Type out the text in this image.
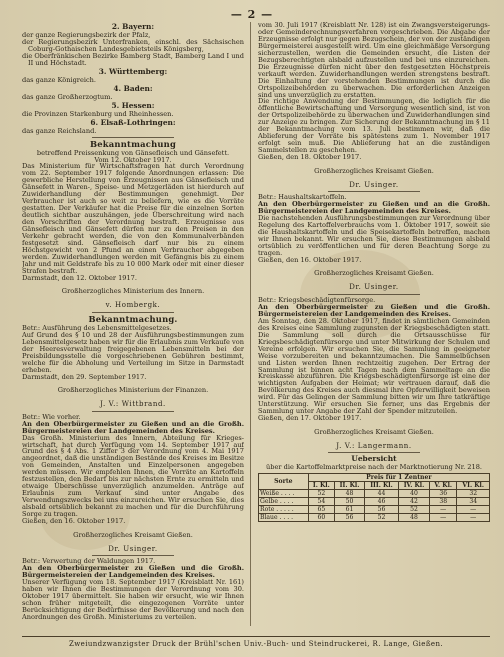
— 2 —

2. Bayern:

der ganze Regierungsbezirk der Pfalz,

der Regierungsbezirk Unterfranken, einschl. des Sächsischen Coburg-Gothaischen Landesgebietsteils Königsberg,

die Oberfränkischen Bezirke Bamberg Stadt, Bamberg Land I und II und Höchstadt.

3. Württemberg:

das ganze Königreich.

4. Baden:

das ganze Großherzogtum.

5. Hessen:

die Provinzen Starkenburg und Rheinhessen.

6. Elsaß-Lothringen:

das ganze Reichsland.

Bekanntmachung

betreffend Preissenkung von Gänsefleisch und Gänsefett.

Vom 12. Oktober 1917.

Das Ministerium für Wirtschaftsfragen hat durch Verordnung vom 22. September 1917 folgende Anordnungen erlassen: Die gewerbliche Herstellung von Erzeugnissen aus Gänsefleisch und Gänsefett in Waren-, Speise- und Metzgerläden ist hierdurch auf Zuwiderhandlung der Bestimmungen genehmigt. Der Verbraucher ist auch so weit zu beliefern, wie es die Vorräte gestatten. Der Verkäufer hat die Preise für die einzelnen Sorten deutlich sichtbar auszuhängen, jede Überschreitung wird nach den Vorschriften der Verordnung bestraft. Erzeugnisse aus Gänsefleisch und Gänsefett dürfen nur zu den Preisen in den Verkehr gebracht werden, die von den Kommunalverbänden festgesetzt sind. Gänsefleisch darf nur bis zu einem Höchstgewicht von 2 Pfund an einen Verbraucher abgegeben werden. Zuwiderhandlungen werden mit Gefängnis bis zu einem Jahr und mit Geldstrafe bis zu 10 000 Mark oder mit einer dieser Strafen bestraft.

Darmstadt, den 12. Oktober 1917.

Großherzogliches Ministerium des Innern.

v. Hombergk.

Bekanntmachung.

Betr.: Ausführung des Lebensmittelgesetzes.

Auf Grund des § 10 und 28 der Ausführungsbestimmungen zum Lebensmittelgesetz haben wir für die Erlaubnis zum Verkaufe von der Heeresverwaltung freigegebenen Lebensmitteln bei der Preisbildungsstelle die vorgeschriebenen Gebühren bestimmt, welche für die Abholung und Verteilung im Sitze in Darmstadt erheben.

Darmstadt, den 29. September 1917.

Großherzogliches Ministerium der Finanzen.

J. V.: Wittbrand.

Betr.: Wie vorher.

An den Oberbürgermeister zu Gießen und an die Großh. Bürgermeistereien der Landgemeinden des Kreises.

Das Großh. Ministerium des Innern, Abteilung für Krieges-wirtschaft, hat durch Verfügung vom 14. September 1917 auf Grund des § 4 Abs. 1 Ziffer 3 der Verordnung vom 4. Mai 1917 angeordnet, daß die unständigen Bestände des Kreises im Besitze von Gemeinden, Anstalten und Einzelpersonen angegeben werden müssen. Wir empfehlen Ihnen, die Vorräte an Kartoffeln festzustellen, den Bedarf bis zur nächsten Ernte zu ermitteln und etwaige Überschüsse unverzüglich anzumelden. Anträge auf Erlaubnis zum Verkauf sind unter Angabe des Verwendungszwecks bei uns einzureichen. Wir ersuchen Sie, dies alsbald ortsüblich bekannt zu machen und für die Durchführung Sorge zu tragen.

Gießen, den 16. Oktober 1917.

Großherzogliches Kreisamt Gießen.

Dr. Usinger.

Betr.: Verwertung der Waldungen 1917.

An den Oberbürgermeister zu Gießen und die Großh. Bürgermeistereien der Landgemeinden des Kreises.

Unserer Verfügung vom 18. September 1917 (Kreisblatt Nr. 161) haben wir Ihnen die Bestimmungen der Verordnung vom 30. Oktober 1917 übermittelt. Sie haben wir ersucht, wie wir Ihnen schon früher mitgeteilt, die eingezogenen Vorräte unter Berücksichtigung der Bedürfnisse der Bevölkerung und nach den Anordnungen des Großh. Ministeriums zu verteilen.

vom 30. Juli 1917 (Kreisblatt Nr. 128) ist ein Zwangsversteigerungs- oder Gemeinderechnungsverfahren vorgeschrieben. Die Abgabe der Erzeugnisse erfolgt nur gegen Bezugschein, der von der zuständigen Bürgermeisterei ausgestellt wird. Um eine gleichmäßige Versorgung sicherzustellen, werden die Gemeinden ersucht, die Listen der Bezugsberechtigten alsbald aufzustellen und bei uns einzureichen. Die Erzeugnisse dürfen nicht über den festgesetzten Höchstpreis verkauft werden. Zuwiderhandlungen werden strengstens bestraft. Die Einhaltung der vorstehenden Bestimmungen ist durch die Ortspolizeibehörden zu überwachen. Die erforderlichen Anzeigen sind uns unverzüglich zu erstatten.

Die richtige Anwendung der Bestimmungen, die lediglich für die öffentliche Bewirtschaftung und Versorgung wesentlich sind, ist von der Ortspolizeibehörde zu überwachen und Zuwiderhandlungen sind zur Anzeige zu bringen. Zur Sicherung der Bekanntmachung im § 11 der Bekanntmachung vom 13. Juli bestimmen wir, daß die Ablieferung der Vorräte bis spätestens zum 1. November 1917 erfolgt sein muß. Die Ablieferung hat an die zuständigen Sammelstellen zu geschehen.

Gießen, den 18. Oktober 1917.

Großherzogliches Kreisamt Gießen.

Dr. Usinger.

Betr.: Haushaltskartoffeln.

An den Oberbürgermeister zu Gießen und an die Großh. Bürgermeistereien der Landgemeinden des Kreises.

Die nachstehenden Ausführungsbestimmungen zur Verordnung über Regelung des Kartoffelverbrauchs vom 1. Oktober 1917, soweit sie die Haushaltskartoffeln und die Speisekartoffeln betreffen, machen wir Ihnen bekannt. Wir ersuchen Sie, diese Bestimmungen alsbald ortsüblich zu veröffentlichen und für deren Beachtung Sorge zu tragen.

Gießen, den 16. Oktober 1917.

Großherzogliches Kreisamt Gießen.

Dr. Usinger.

Betr.: Kriegsbeschädigtenfürsorge.

An den Oberbürgermeister zu Gießen und die Großh. Bürgermeistereien der Landgemeinden des Kreises.

Am Sonntag, den 28. Oktober 1917, findet in sämtlichen Gemeinden des Kreises eine Sammlung zugunsten der Kriegsbeschädigten statt. Die Sammlung soll durch die Ortsausschüsse für Kriegsbeschädigtenfürsorge und unter Mitwirkung der Schulen und Vereine erfolgen. Wir ersuchen Sie, die Sammlung in geeigneter Weise vorzubereiten und bekanntzumachen. Die Sammelbüchsen und Listen werden Ihnen rechtzeitig zugehen. Der Ertrag der Sammlung ist binnen acht Tagen nach dem Sammeltage an die Kreiskasse abzuführen. Die Kriegsbeschädigtenfürsorge ist eine der wichtigsten Aufgaben der Heimat; wir vertrauen darauf, daß die Bevölkerung des Kreises auch diesmal ihre Opferwilligkeit beweisen wird. Für das Gelingen der Sammlung bitten wir um Ihre tatkräftige Unterstützung. Wir ersuchen Sie ferner, uns das Ergebnis der Sammlung unter Angabe der Zahl der Spender mitzuteilen.

Gießen, den 17. Oktober 1917.

Großherzogliches Kreisamt Gießen.

J. V.: Langermann.

Uebersicht

über die Kartoffelmarktpreise nach der Marktnotierung Nr. 218.

Sorte	Preis für 1 Zentner					
	I. Kl.	II. Kl.	III. Kl.	IV. Kl.	V. Kl.	VI. Kl.
Weiße . . . .	52	48	44	40	36	32
Gelbe . . . .	54	50	46	42	38	34
Rote . . . . .	65	61	56	52	—	—
Blaue . . . .	60	56	52	48	—	—
Zweiundzwanzigster Druck der Brühl'schen Univ.-Buch- und Steindruckerei, R. Lange, Gießen.
